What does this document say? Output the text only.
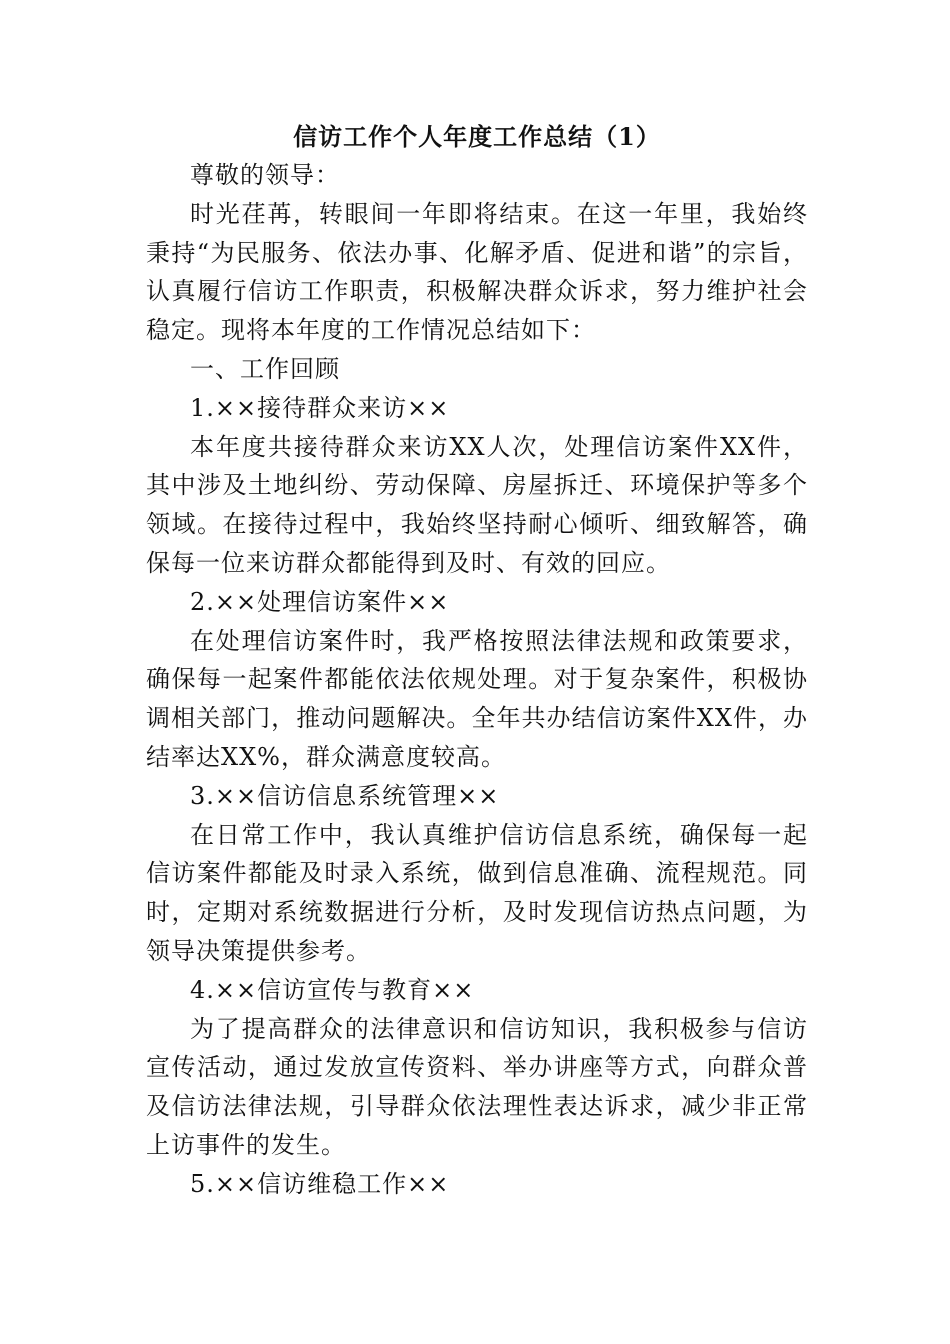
信访工作个人年度工作总结（1）

尊敬的领导：

时光荏苒，转眼间一年即将结束。在这一年里，我始终秉持“为民服务、依法办事、化解矛盾、促进和谐”的宗旨，认真履行信访工作职责，积极解决群众诉求，努力维护社会稳定。现将本年度的工作情况总结如下：

一、工作回顾

1.××接待群众来访××

本年度共接待群众来访XX人次，处理信访案件XX件，其中涉及土地纠纷、劳动保障、房屋拆迁、环境保护等多个领域。在接待过程中，我始终坚持耐心倾听、细致解答，确保每一位来访群众都能得到及时、有效的回应。

2.××处理信访案件××

在处理信访案件时，我严格按照法律法规和政策要求，确保每一起案件都能依法依规处理。对于复杂案件，积极协调相关部门，推动问题解决。全年共办结信访案件XX件，办结率达XX%，群众满意度较高。

3.××信访信息系统管理××

在日常工作中，我认真维护信访信息系统，确保每一起信访案件都能及时录入系统，做到信息准确、流程规范。同时，定期对系统数据进行分析，及时发现信访热点问题，为领导决策提供参考。

4.××信访宣传与教育××

为了提高群众的法律意识和信访知识，我积极参与信访宣传活动，通过发放宣传资料、举办讲座等方式，向群众普及信访法律法规，引导群众依法理性表达诉求，减少非正常上访事件的发生。

5.××信访维稳工作××
